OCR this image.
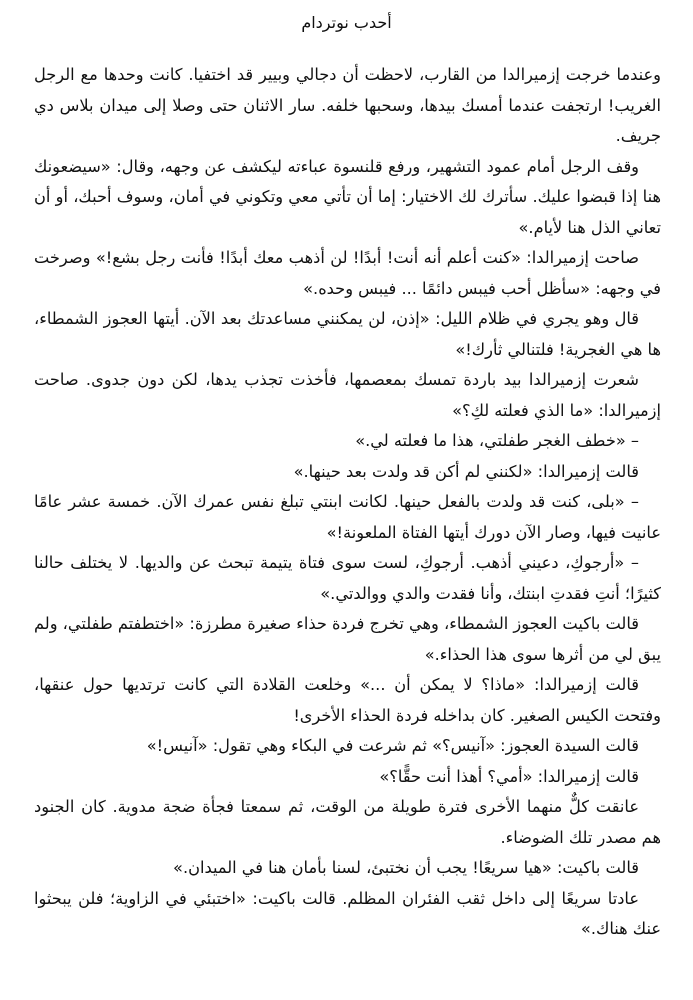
أحدب نوتردام

وعندما خرجت إزميرالدا من القارب، لاحظت أن دجالي وبيير قد اختفيا. كانت وحدها مع الرجل الغريب! ارتجفت عندما أمسك بيدها، وسحبها خلفه. سار الاثنان حتى وصلا إلى ميدان بلاس دي جريف.

وقف الرجل أمام عمود التشهير، ورفع قلنسوة عباءته ليكشف عن وجهه، وقال: «سيضعونك هنا إذا قبضوا عليك. سأترك لك الاختيار: إما أن تأتي معي وتكوني في أمان، وسوف أحبك، أو أن تعاني الذل هنا لأيام.»

صاحت إزميرالدا: «كنت أعلم أنه أنت! أبدًا! لن أذهب معك أبدًا! فأنت رجل بشع!» وصرخت في وجهه: «سأظل أحب فيبس دائمًا ... فيبس وحده.»

قال وهو يجري في ظلام الليل: «إذن، لن يمكنني مساعدتك بعد الآن. أيتها العجوز الشمطاء، ها هي الغجرية! فلتنالي ثأرك!»

شعرت إزميرالدا بيد باردة تمسك بمعصمها، فأخذت تجذب يدها، لكن دون جدوى. صاحت إزميرالدا: «ما الذي فعلته لكِ؟»

– «خطف الغجر طفلتي، هذا ما فعلته لي.»

قالت إزميرالدا: «لكنني لم أكن قد ولدت بعد حينها.»

– «بلى، كنت قد ولدت بالفعل حينها. لكانت ابنتي تبلغ نفس عمرك الآن. خمسة عشر عامًا عانيت فيها، وصار الآن دورك أيتها الفتاة الملعونة!»

– «أرجوكِ، دعيني أذهب. أرجوكِ، لست سوى فتاة يتيمة تبحث عن والديها. لا يختلف حالنا كثيرًا؛ أنتِ فقدتِ ابنتك، وأنا فقدت والدي ووالدتي.»

قالت باكيت العجوز الشمطاء، وهي تخرج فردة حذاء صغيرة مطرزة: «اختطفتم طفلتي، ولم يبق لي من أثرها سوى هذا الحذاء.»

قالت إزميرالدا: «ماذا؟ لا يمكن أن ...» وخلعت القلادة التي كانت ترتديها حول عنقها، وفتحت الكيس الصغير. كان بداخله فردة الحذاء الأخرى!

قالت السيدة العجوز: «آنيس؟» ثم شرعت في البكاء وهي تقول: «آنيس!»

قالت إزميرالدا: «أمي؟ أهذا أنت حقًّا؟»

عانقت كلٌّ منهما الأخرى فترة طويلة من الوقت، ثم سمعتا فجأة ضجة مدوية. كان الجنود هم مصدر تلك الضوضاء.

قالت باكيت: «هيا سريعًا! يجب أن نختبئ، لسنا بأمان هنا في الميدان.»

عادتا سريعًا إلى داخل ثقب الفئران المظلم. قالت باكيت: «اختبئي في الزاوية؛ فلن يبحثوا عنك هناك.»
